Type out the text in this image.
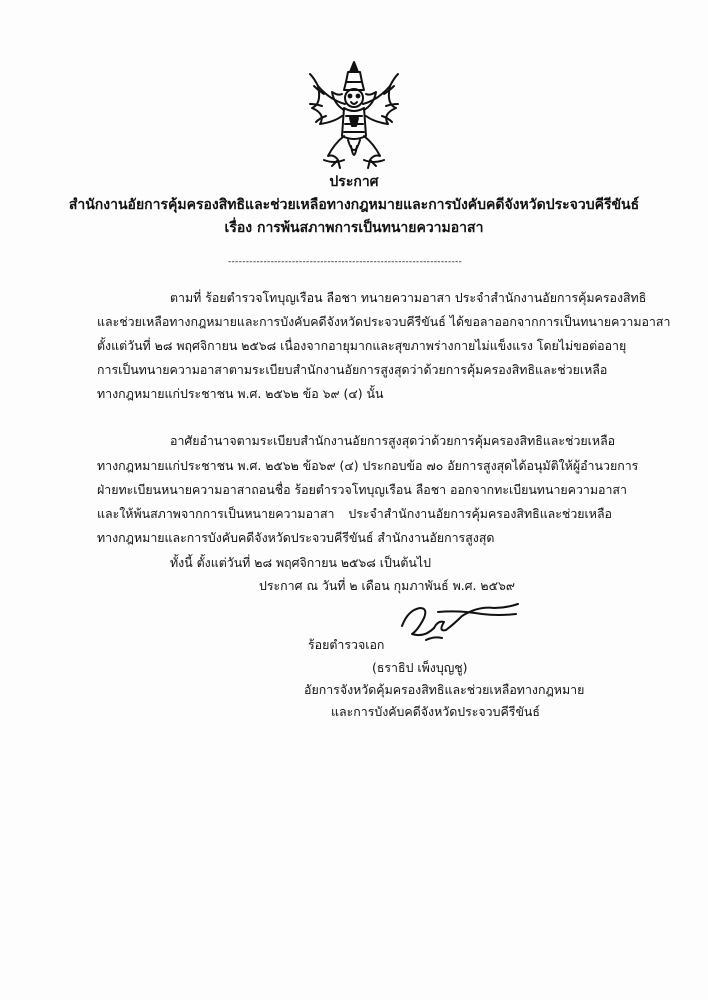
ประกาศ
สำนักงานอัยการคุ้มครองสิทธิและช่วยเหลือทางกฎหมายและการบังคับคดีจังหวัดประจวบคีรีขันธ์
เรื่อง การพ้นสภาพการเป็นทนายความอาสา
------------------------------------------------------------------
ตามที่ ร้อยตำรวจโทบุญเรือน ลือชา ทนายความอาสา ประจำสำนักงานอัยการคุ้มครองสิทธิ
และช่วยเหลือทางกฎหมายและการบังคับคดีจังหวัดประจวบคีรีขันธ์ ได้ขอลาออกจากการเป็นทนายความอาสา
ตั้งแต่วันที่ ๒๘ พฤศจิกายน ๒๕๖๘ เนื่องจากอายุมากและสุขภาพร่างกายไม่แข็งแรง โดยไม่ขอต่ออายุ
การเป็นทนายความอาสาตามระเบียบสำนักงานอัยการสูงสุดว่าด้วยการคุ้มครองสิทธิและช่วยเหลือ
ทางกฎหมายแก่ประชาชน พ.ศ. ๒๕๖๒ ข้อ ๖๙ (๔) นั้น
อาศัยอำนาจตามระเบียบสำนักงานอัยการสูงสุดว่าด้วยการคุ้มครองสิทธิและช่วยเหลือ
ทางกฎหมายแก่ประชาชน พ.ศ. ๒๕๖๒ ข้อ๖๙ (๔) ประกอบข้อ ๗๐ อัยการสูงสุดได้อนุมัติให้ผู้อำนวยการ
ฝ่ายทะเบียนหนายความอาสาถอนชื่อ ร้อยตำรวจโทบุญเรือน ลือชา ออกจากทะเบียนทนายความอาสา
และให้พ้นสภาพจากการเป็นหนายความอาสา ประจำสำนักงานอัยการคุ้มครองสิทธิและช่วยเหลือ
ทางกฎหมายและการบังคับคดีจังหวัดประจวบคีรีขันธ์ สำนักงานอัยการสูงสุด
ทั้งนี้ ตั้งแต่วันที่ ๒๘ พฤศจิกายน ๒๕๖๘ เป็นต้นไป
ประกาศ ณ วันที่ ๒ เดือน กุมภาพันธ์ พ.ศ. ๒๕๖๙
ร้อยตำรวจเอก
(ธราธิป เพ็งบุญชู)
อัยการจังหวัดคุ้มครองสิทธิและช่วยเหลือทางกฎหมาย
และการบังคับคดีจังหวัดประจวบคีรีขันธ์
